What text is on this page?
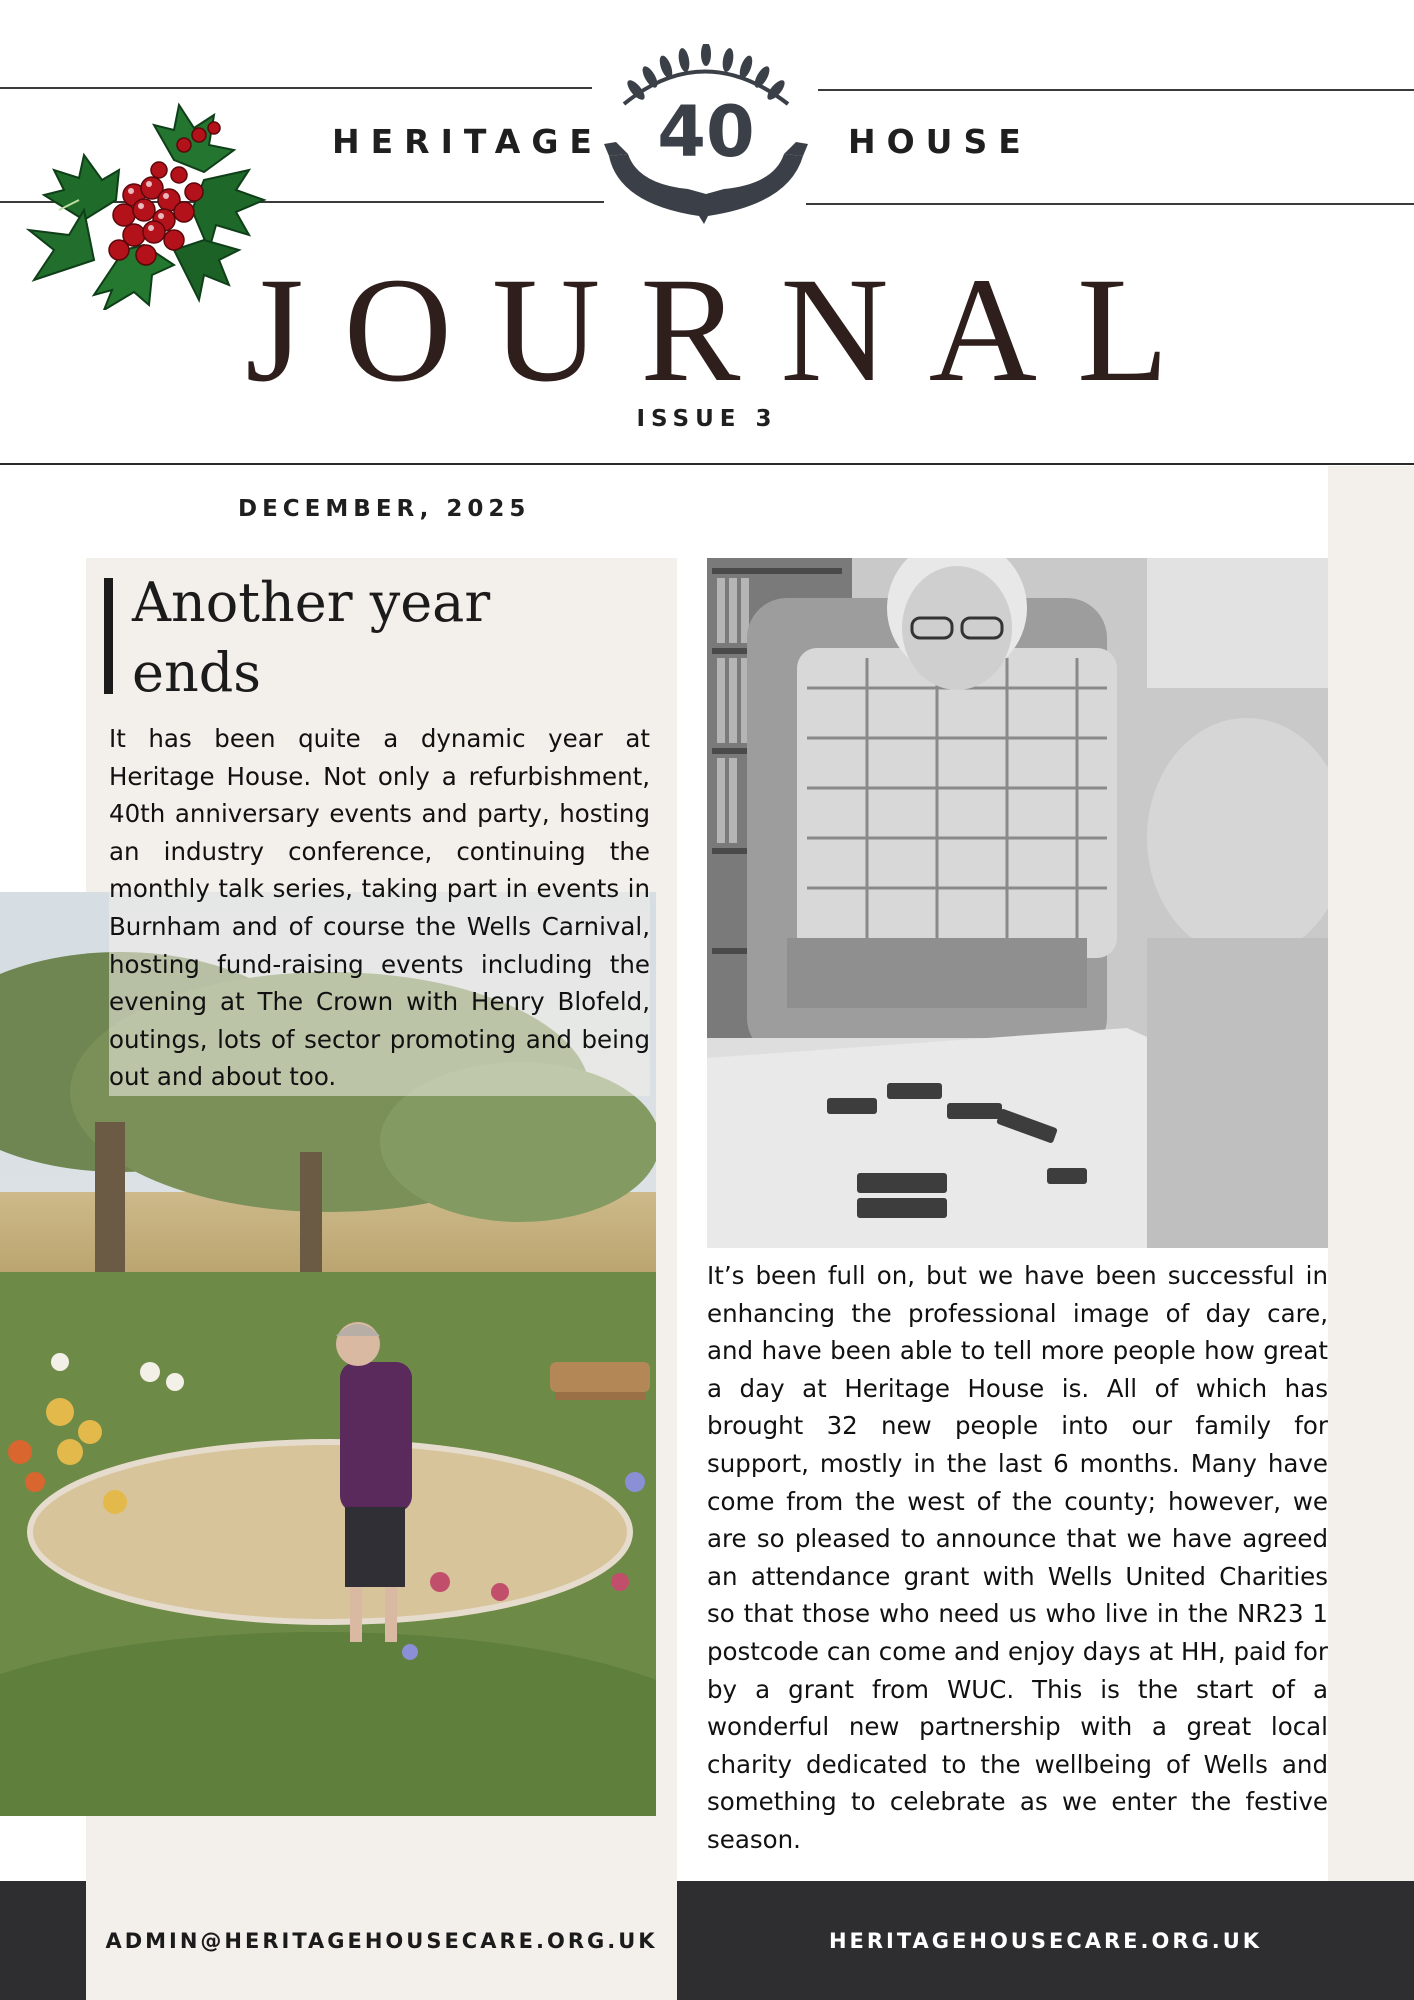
HERITAGE	HOUSE
40
JOURNAL
ISSUE 3
DECEMBER, 2025
Another year ends

It has been quite a dynamic year at Heritage House. Not only a refurbishment, 40th anniversary events and party, hosting an industry conference, continuing the monthly talk series, taking part in events in Burnham and of course the Wells Carnival, hosting fund-raising events including the evening at The Crown with Henry Blofeld, outings, lots of sector promoting and being out and about too.

It’s been full on, but we have been successful in enhancing the professional image of day care, and have been able to tell more people how great a day at Heritage House is. All of which has brought 32 new people into our family for support, mostly in the last 6 months. Many have come from the west of the county; however, we are so pleased to announce that we have agreed an attendance grant with Wells United Charities so that those who need us who live in the NR23 1 postcode can come and enjoy days at HH, paid for by a grant from WUC. This is the start of a wonderful new partnership with a great local charity dedicated to the wellbeing of Wells and something to celebrate as we enter the festive season.

ADMIN@HERITAGEHOUSECARE.ORG.UK	HERITAGEHOUSECARE.ORG.UK
